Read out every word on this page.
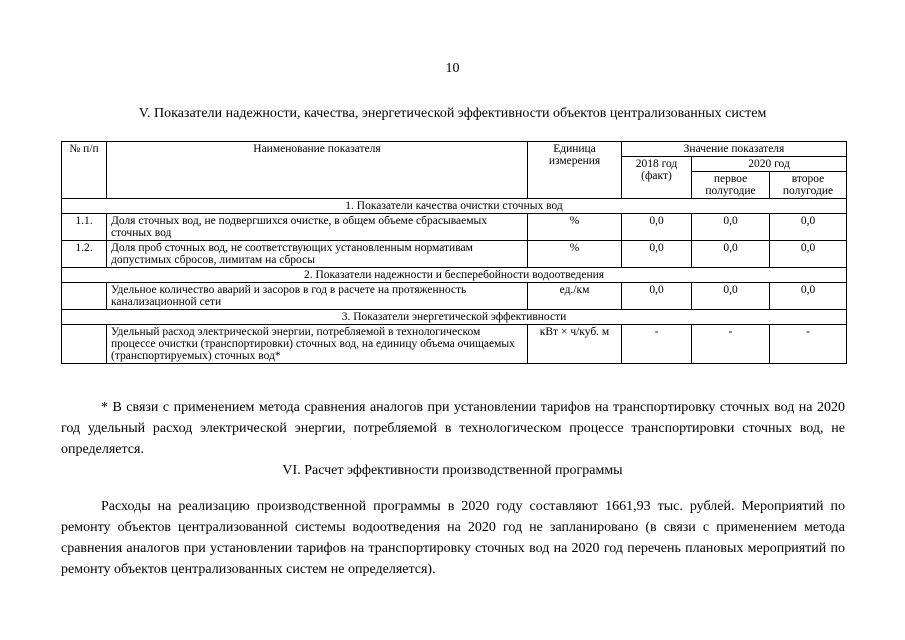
10
V. Показатели надежности, качества, энергетической эффективности объектов централизованных систем
№ п/п	Наименование показателя	Единица измерения	Значение показателя		
			2018 год (факт)	2020 год	
				первое полугодие	второе полугодие
1. Показатели качества очистки сточных вод					
1.1.	Доля сточных вод, не подвергшихся очистке, в общем объеме сбрасываемых сточных вод	%	0,0	0,0	0,0
1.2.	Доля проб сточных вод, не соответствующих установленным нормативам допустимых сбросов, лимитам на сбросы	%	0,0	0,0	0,0
2. Показатели надежности и бесперебойности водоотведения					
	Удельное количество аварий и засоров в год в расчете на протяженность канализационной сети	ед./км	0,0	0,0	0,0
3. Показатели энергетической эффективности					
	Удельный расход электрической энергии, потребляемой в технологическом процессе очистки (транспортировки) сточных вод, на единицу объема очищаемых (транспортируемых) сточных вод*	кВт × ч/куб. м	-	-	-
* В связи с применением метода сравнения аналогов при установлении тарифов на транспортировку сточных вод на 2020 год удельный расход электрической энергии, потребляемой в технологическом процессе транспортировки сточных вод, не определяется.
VI. Расчет эффективности производственной программы
Расходы на реализацию производственной программы в 2020 году составляют 1661,93 тыс. рублей. Мероприятий по ремонту объектов централизованной системы водоотведения на 2020 год не запланировано (в связи с применением метода сравнения аналогов при установлении тарифов на транспортировку сточных вод на 2020 год перечень плановых мероприятий по ремонту объектов централизованных систем не определяется).
